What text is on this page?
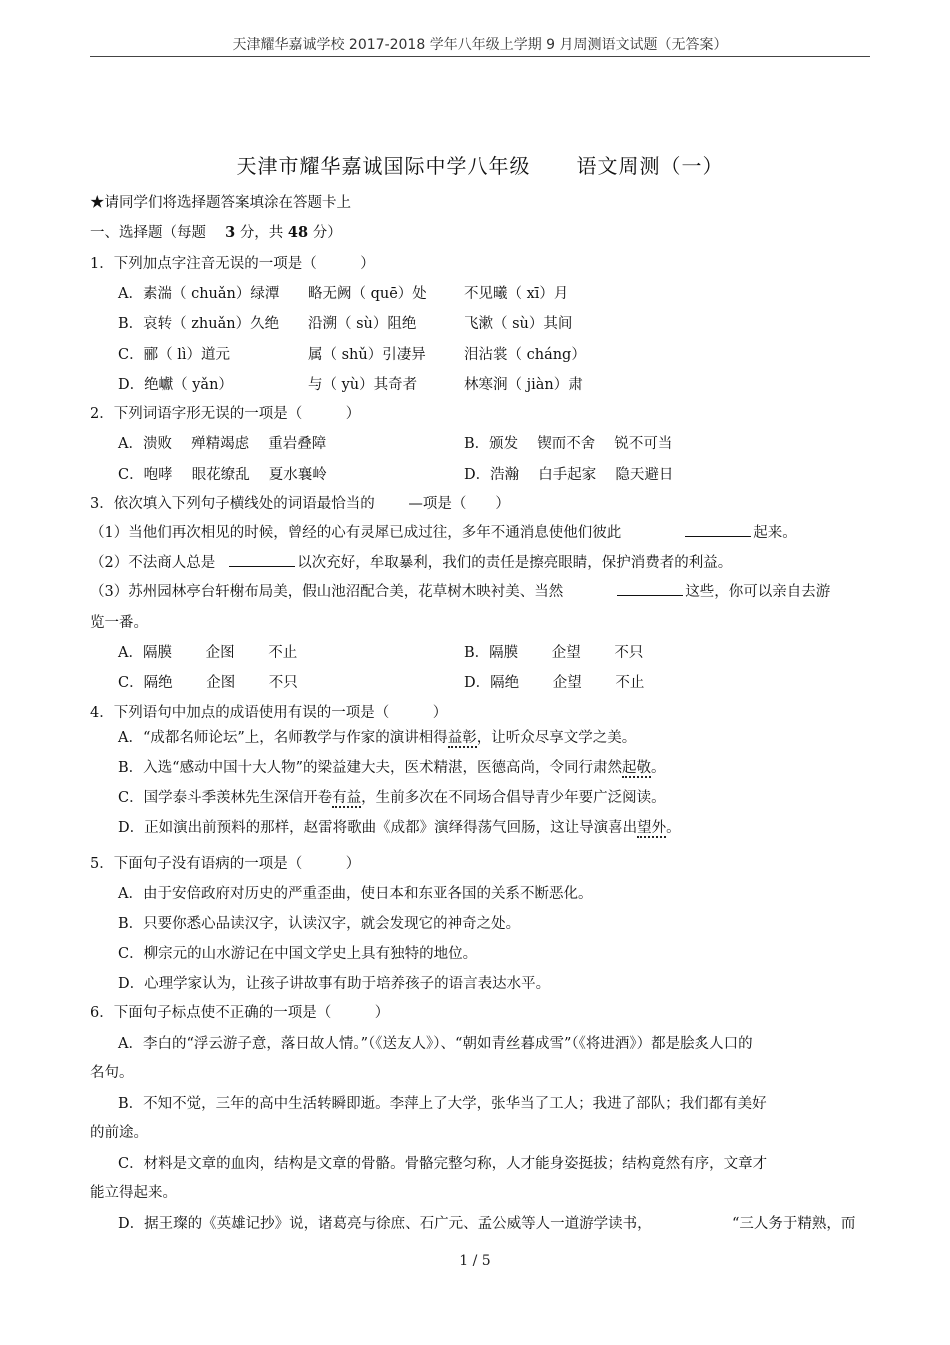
天津耀华嘉诚学校 2017-2018 学年八年级上学期 9 月周测语文试题（无答案）
天津市耀华嘉诚国际中学八年级 语文周测（一）
★请同学们将选择题答案填涂在答题卡上
一、选择题（每题　 3 分，共 48 分）
1．下列加点字注音无误的一项是（　　　）
A．素湍（ chuǎn）绿潭 略无阙（ quē）处	不见曦（ xī）月

B．哀转（ zhuǎn）久绝 沿溯（ sù）阻绝	飞漱（ sù）其间

C．郦（ lì）道元	属（ shǔ）引凄异	泪沾裳（ cháng）

D．绝巘（ yǎn）	与（ yù）其奇者	林寒涧（ jiàn）肃

2．下列词语字形无误的一项是（　　　）
A．溃败　 殚精竭虑　 重岩叠障	B．颁发　 锲而不舍　 锐不可当

C．咆哮　 眼花缭乱　 夏水襄岭	D．浩瀚　 白手起家　 隐天避日

3．依次填入下列句子横线处的词语最恰当的　　 —项是（　　）
（1）当他们再次相见的时候，曾经的心有灵犀已成过往，多年不通消息使他们彼此	起来。
（2）不法商人总是	以次充好，牟取暴利，我们的责任是擦亮眼睛，保护消费者的利益。
（3）苏州园林亭台轩榭布局美，假山池沼配合美，花草树木映衬美、当然	这些，你可以亲自去游
览一番。
A．隔膜　　 企图　　 不止	B．隔膜　　 企望　　 不只

C．隔绝　　 企图　　 不只	D．隔绝　　 企望　　 不止

4．下列语句中加点的成语使用有误的一项是（　　　）
A．“成都名师论坛”上，名师教学与作家的演讲相得益彰，让听众尽享文学之美。
B．入选“感动中国十大人物”的梁益建大夫，医术精湛，医德高尚，令同行肃然起敬。
C．国学泰斗季羡林先生深信开卷有益，生前多次在不同场合倡导青少年要广泛阅读。
D．正如演出前预料的那样，赵雷将歌曲《成都》演绎得荡气回肠，这让导演喜出望外。
5．下面句子没有语病的一项是（　　　）
A．由于安倍政府对历史的严重歪曲，使日本和东亚各国的关系不断恶化。
B．只要你悉心品读汉字，认读汉字，就会发现它的神奇之处。
C．柳宗元的山水游记在中国文学史上具有独特的地位。
D．心理学家认为，让孩子讲故事有助于培养孩子的语言表达水平。
6．下面句子标点使不正确的一项是（　　　）
A．李白的“浮云游子意，落日故人情。”（《送友人》）、“朝如青丝暮成雪”（《将进酒》）都是脍炙人口的
名句。
B．不知不觉，三年的高中生活转瞬即逝。李萍上了大学，张华当了工人；我进了部队；我们都有美好
的前途。
C．材料是文章的血肉，结构是文章的骨骼。骨骼完整匀称，人才能身姿挺拔；结构竟然有序，文章才
能立得起来。
D．据王璨的《英雄记抄》说，诸葛亮与徐庶、石广元、孟公威等人一道游学读书，	“三人务于精熟，而

1 / 5
